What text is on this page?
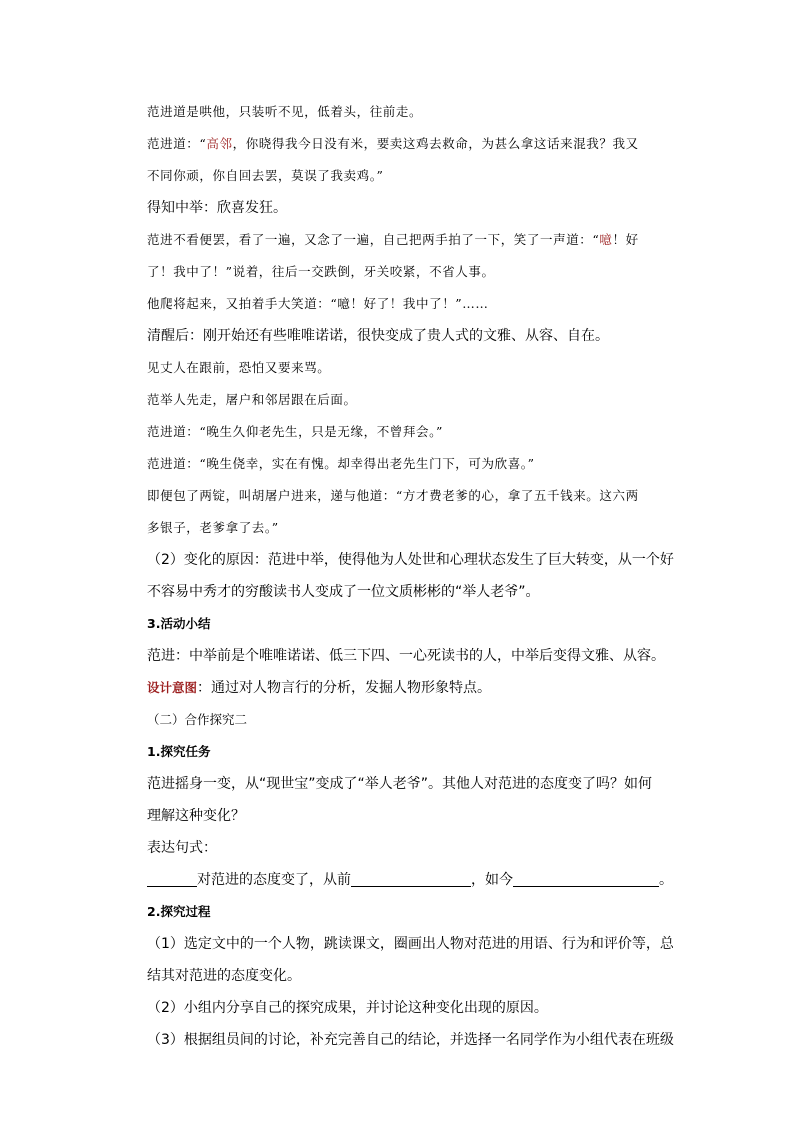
范进道是哄他，只装听不见，低着头，往前走。
范进道：“高邻，你晓得我今日没有米，要卖这鸡去救命，为甚么拿这话来混我？我又
不同你顽，你自回去罢，莫误了我卖鸡。”
得知中举：欣喜发狂。
范进不看便罢，看了一遍，又念了一遍，自己把两手拍了一下，笑了一声道：“噫！好
了！我中了！”说着，往后一交跌倒，牙关咬紧，不省人事。
他爬将起来，又拍着手大笑道：“噫！好了！我中了！”……
清醒后：刚开始还有些唯唯诺诺，很快变成了贵人式的文雅、从容、自在。
见丈人在跟前，恐怕又要来骂。
范举人先走，屠户和邻居跟在后面。
范进道：“晚生久仰老先生，只是无缘，不曾拜会。”
范进道：“晚生侥幸，实在有愧。却幸得出老先生门下，可为欣喜。”
即便包了两锭，叫胡屠户进来，递与他道：“方才费老爹的心，拿了五千钱来。这六两
多银子，老爹拿了去。”
（2）变化的原因：范进中举，使得他为人处世和心理状态发生了巨大转变，从一个好
不容易中秀才的穷酸读书人变成了一位文质彬彬的“举人老爷”。
3.活动小结
范进：中举前是个唯唯诺诺、低三下四、一心死读书的人，中举后变得文雅、从容。
设计意图：通过对人物言行的分析，发掘人物形象特点。
（二）合作探究二
1.探究任务
范进摇身一变，从“现世宝”变成了“举人老爷”。其他人对范进的态度变了吗？如何
理解这种变化？
表达句式：
对范进的态度变了，从前	，如今	。
2.探究过程
（1）选定文中的一个人物，跳读课文，圈画出人物对范进的用语、行为和评价等，总
结其对范进的态度变化。
（2）小组内分享自己的探究成果，并讨论这种变化出现的原因。
（3）根据组员间的讨论，补充完善自己的结论，并选择一名同学作为小组代表在班级
